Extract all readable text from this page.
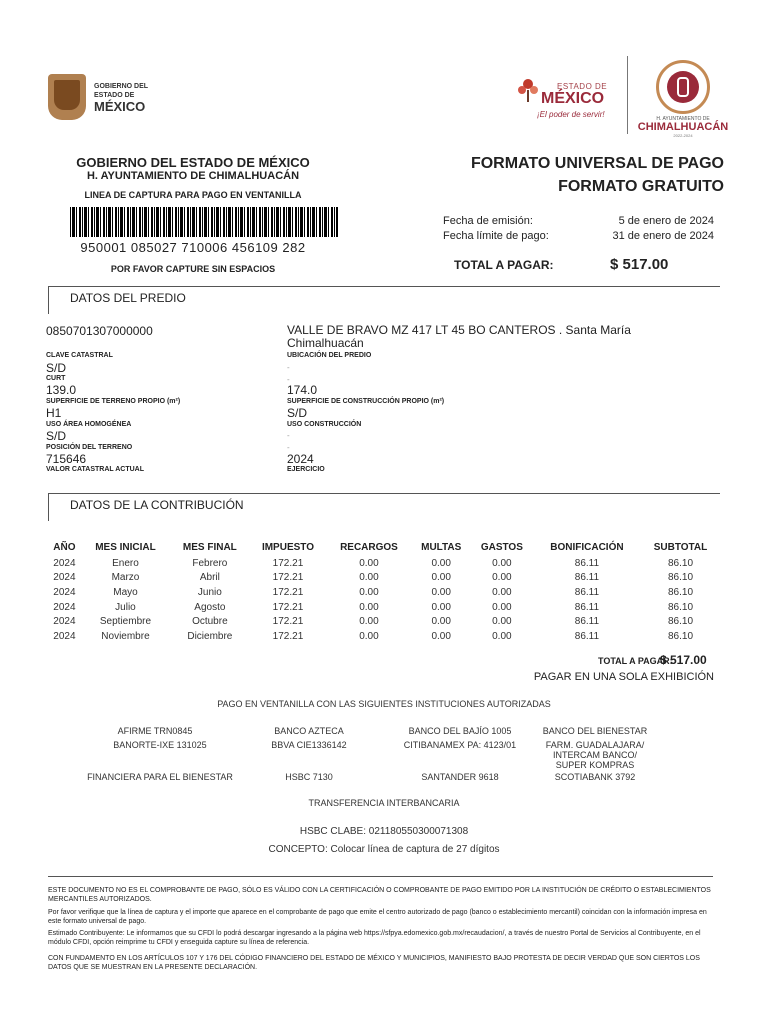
GOBIERNO DEL
ESTADO DE
MÉXICO
ESTADO DE
MÉXICO
¡El poder de servir!	H. AYUNTAMIENTO DE
CHIMALHUACÁN
2022-2024
GOBIERNO DEL ESTADO DE MÉXICO
H. AYUNTAMIENTO DE CHIMALHUACÁN
LINEA DE CAPTURA PARA PAGO EN VENTANILLA
950001 085027 710006 456109 282
POR FAVOR CAPTURE SIN ESPACIOS
FORMATO UNIVERSAL DE PAGO
FORMATO GRATUITO
Fecha de emisión:	5 de enero de 2024
Fecha límite de pago:	31 de enero de 2024
TOTAL A PAGAR:	$ 517.00
DATOS DEL PREDIO
0850701307000000
CLAVE CATASTRAL
VALLE DE BRAVO MZ 417 LT 45 BO CANTEROS . Santa María Chimalhuacán
UBICACIÓN DEL PREDIO
S/D
CURT
-
-
139.0
SUPERFICIE DE TERRENO PROPIO (m²)
174.0
SUPERFICIE DE CONSTRUCCIÓN PROPIO (m²)
H1
USO ÁREA HOMOGÉNEA
S/D
USO CONSTRUCCIÓN
S/D
POSICIÓN DEL TERRENO
-
-
715646
VALOR CATASTRAL ACTUAL
2024
EJERCICIO
DATOS DE LA CONTRIBUCIÓN
AÑO	MES INICIAL	MES FINAL	IMPUESTO	RECARGOS	MULTAS	GASTOS	BONIFICACIÓN	SUBTOTAL
2024	Enero	Febrero	172.21	0.00	0.00	0.00	86.11	86.10
2024	Marzo	Abril	172.21	0.00	0.00	0.00	86.11	86.10
2024	Mayo	Junio	172.21	0.00	0.00	0.00	86.11	86.10
2024	Julio	Agosto	172.21	0.00	0.00	0.00	86.11	86.10
2024	Septiembre	Octubre	172.21	0.00	0.00	0.00	86.11	86.10
2024	Noviembre	Diciembre	172.21	0.00	0.00	0.00	86.11	86.10
TOTAL A PAGAR:
$ 517.00
PAGAR EN UNA SOLA EXHIBICIÓN
PAGO EN VENTANILLA CON LAS SIGUIENTES INSTITUCIONES AUTORIZADAS
AFIRME TRN0845	BANCO AZTECA	BANCO DEL BAJÍO 1005	BANCO DEL BIENESTAR
BANORTE-IXE 131025	BBVA CIE1336142	CITIBANAMEX PA: 4123/01	FARM. GUADALAJARA/ INTERCAM BANCO/ SUPER KOMPRAS
FINANCIERA PARA EL BIENESTAR	HSBC 7130	SANTANDER 9618	SCOTIABANK 3792
TRANSFERENCIA INTERBANCARIA
HSBC CLABE: 021180550300071308
CONCEPTO: Colocar línea de captura de 27 dígitos
ESTE DOCUMENTO NO ES EL COMPROBANTE DE PAGO, SÓLO ES VÁLIDO CON LA CERTIFICACIÓN O COMPROBANTE DE PAGO EMITIDO POR LA INSTITUCIÓN DE CRÉDITO O ESTABLECIMIENTOS MERCANTILES AUTORIZADOS.
Por favor verifique que la línea de captura y el importe que aparece en el comprobante de pago que emite el centro autorizado de pago (banco o establecimiento mercantil) coincidan con la información impresa en este formato universal de pago.
Estimado Contribuyente: Le informamos que su CFDI lo podrá descargar ingresando a la página web https://sfpya.edomexico.gob.mx/recaudacion/, a través de nuestro Portal de Servicios al Contribuyente, en el módulo CFDI, opción reimprime tu CFDI y enseguida capture su línea de referencia.
CON FUNDAMENTO EN LOS ARTÍCULOS 107 Y 176 DEL CÓDIGO FINANCIERO DEL ESTADO DE MÉXICO Y MUNICIPIOS, MANIFIESTO BAJO PROTESTA DE DECIR VERDAD QUE SON CIERTOS LOS DATOS QUE SE MUESTRAN EN LA PRESENTE DECLARACIÓN.
